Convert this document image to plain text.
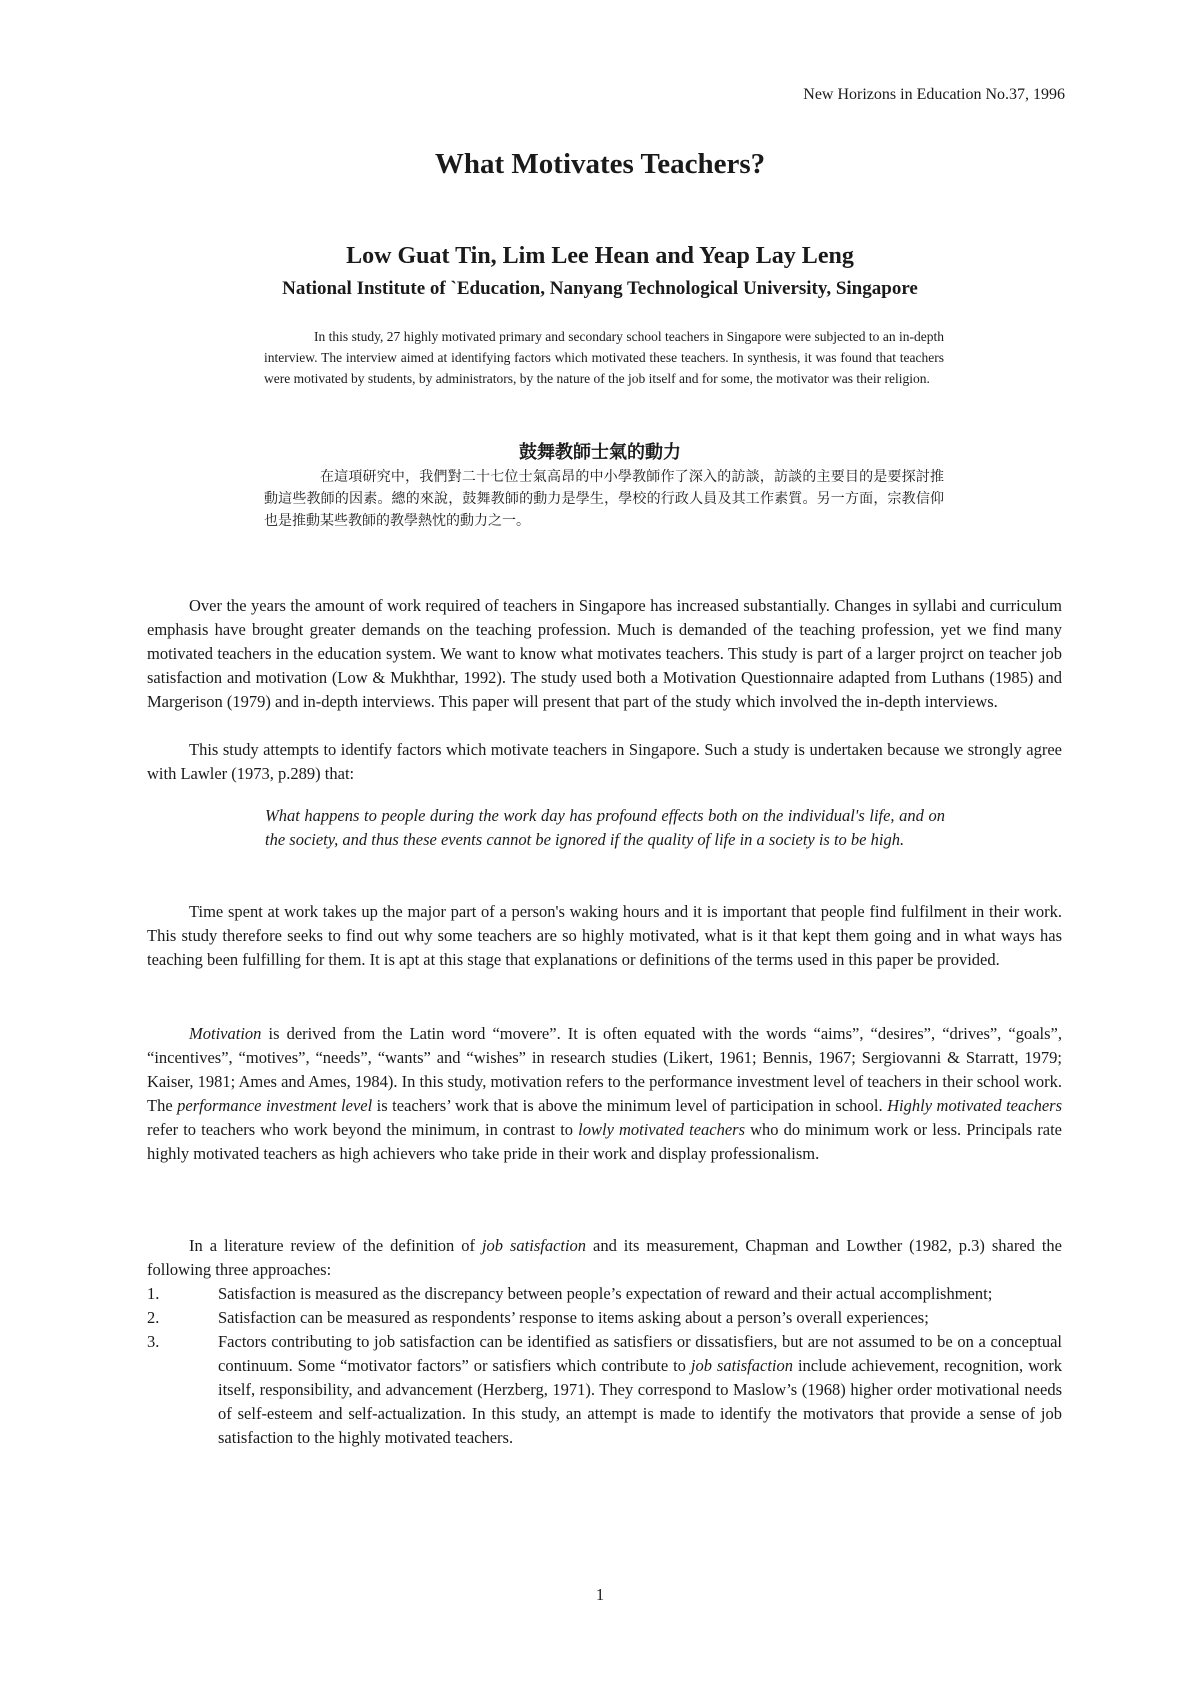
New Horizons in Education No.37, 1996
What Motivates Teachers?
Low Guat Tin, Lim Lee Hean and Yeap Lay Leng
National Institute of `Education, Nanyang Technological University, Singapore

In this study, 27 highly motivated primary and secondary school teachers in Singapore were subjected to an in-depth interview. The interview aimed at identifying factors which motivated these teachers. In synthesis, it was found that teachers were motivated by students, by administrators, by the nature of the job itself and for some, the motivator was their religion.

鼓舞教師士氣的動力

在這項研究中，我們對二十七位士氣高昂的中小學教師作了深入的訪談，訪談的主要目的是要探討推動這些教師的因素。總的來說，鼓舞教師的動力是學生，學校的行政人員及其工作素質。另一方面，宗教信仰也是推動某些教師的教學熱忱的動力之一。

Over the years the amount of work required of teachers in Singapore has increased substantially. Changes in syllabi and curriculum emphasis have brought greater demands on the teaching profession. Much is demanded of the teaching profession, yet we find many motivated teachers in the education system. We want to know what motivates teachers. This study is part of a larger projrct on teacher job satisfaction and motivation (Low & Mukhthar, 1992). The study used both a Motivation Questionnaire adapted from Luthans (1985) and Margerison (1979) and in-depth interviews. This paper will present that part of the study which involved the in-depth interviews.

This study attempts to identify factors which motivate teachers in Singapore. Such a study is undertaken because we strongly agree with Lawler (1973, p.289) that:

What happens to people during the work day has profound effects both on the individual's life, and on the society, and thus these events cannot be ignored if the quality of life in a society is to be high.

Time spent at work takes up the major part of a person's waking hours and it is important that people find fulfilment in their work. This study therefore seeks to find out why some teachers are so highly motivated, what is it that kept them going and in what ways has teaching been fulfilling for them. It is apt at this stage that explanations or definitions of the terms used in this paper be provided.

Motivation is derived from the Latin word “movere”. It is often equated with the words “aims”, “desires”, “drives”, “goals”, “incentives”, “motives”, “needs”, “wants” and “wishes” in research studies (Likert, 1961; Bennis, 1967; Sergiovanni & Starratt, 1979; Kaiser, 1981; Ames and Ames, 1984). In this study, motivation refers to the performance investment level of teachers in their school work. The performance investment level is teachers’ work that is above the minimum level of participation in school. Highly motivated teachers refer to teachers who work beyond the minimum, in contrast to lowly motivated teachers who do minimum work or less. Principals rate highly motivated teachers as high achievers who take pride in their work and display professionalism.

In a literature review of the definition of job satisfaction and its measurement, Chapman and Lowther (1982, p.3) shared the following three approaches:

1.	Satisfaction is measured as the discrepancy between people’s expectation of reward and their actual accomplishment;
2.	Satisfaction can be measured as respondents’ response to items asking about a person’s overall experiences;
3.	Factors contributing to job satisfaction can be identified as satisfiers or dissatisfiers, but are not assumed to be on a conceptual continuum. Some “motivator factors” or satisfiers which contribute to job satisfaction include achievement, recognition, work itself, responsibility, and advancement (Herzberg, 1971). They correspond to Maslow’s (1968) higher order motivational needs of self-esteem and self-actualization. In this study, an attempt is made to identify the motivators that provide a sense of job satisfaction to the highly motivated teachers.
1
